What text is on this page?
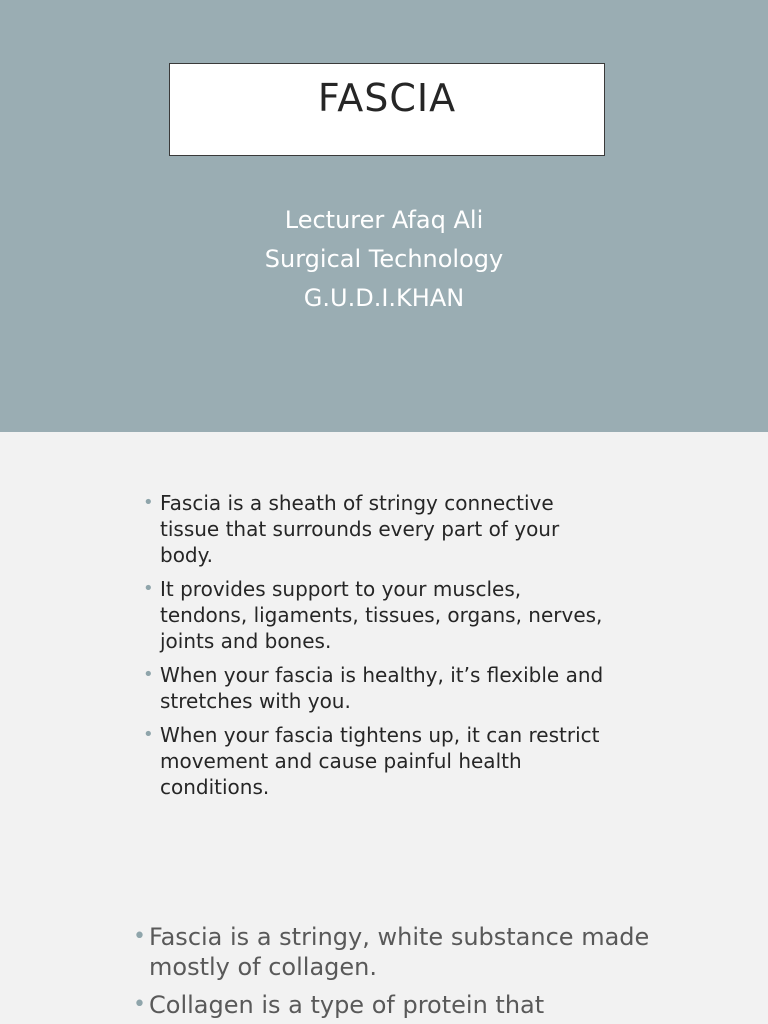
FASCIA
Lecturer Afaq Ali
Surgical Technology
G.U.D.I.KHAN
• Fascia is a sheath of stringy connective tissue that surrounds every part of your body.
• It provides support to your muscles, tendons, ligaments, tissues, organs, nerves, joints and bones.
• When your fascia is healthy, it’s flexible and stretches with you.
• When your fascia tightens up, it can restrict movement and cause painful health conditions.
• Fascia is a stringy, white substance made mostly of collagen.
• Collagen is a type of protein that
